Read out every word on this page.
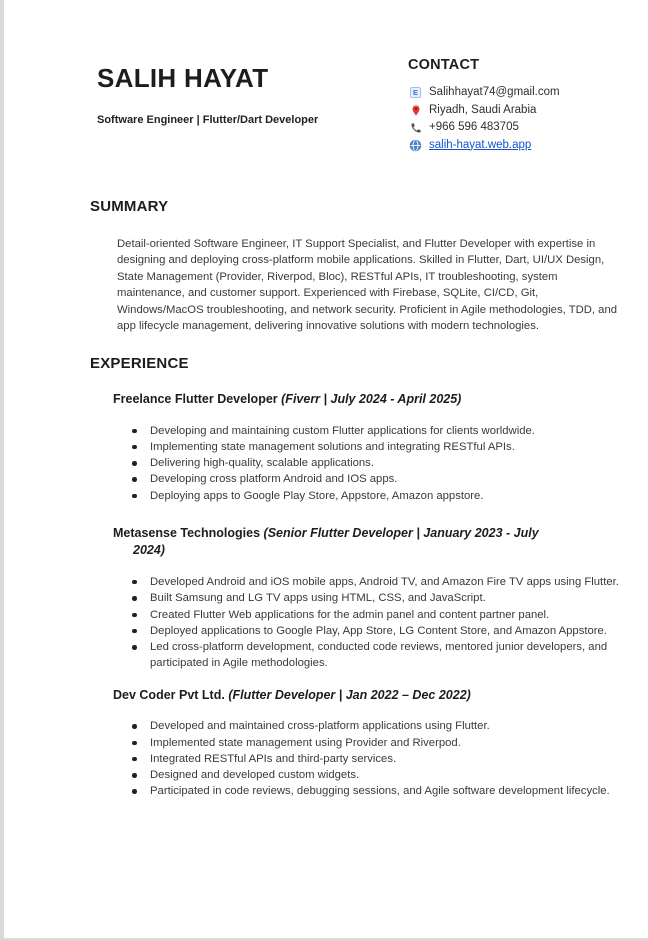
SALIH HAYAT
Software Engineer | Flutter/Dart Developer
CONTACT
E Salihhayat74@gmail.com
Riyadh, Saudi Arabia
+966 596 483705
salih-hayat.web.app
SUMMARY

Detail-oriented Software Engineer, IT Support Specialist, and Flutter Developer with expertise in designing and deploying cross-platform mobile applications. Skilled in Flutter, Dart, UI/UX Design, State Management (Provider, Riverpod, Bloc), RESTful APIs, IT troubleshooting, system maintenance, and customer support. Experienced with Firebase, SQLite, CI/CD, Git, Windows/MacOS troubleshooting, and network security. Proficient in Agile methodologies, TDD, and app lifecycle management, delivering innovative solutions with modern technologies.

EXPERIENCE
Freelance Flutter Developer (Fiverr | July 2024 - April 2025)
Developing and maintaining custom Flutter applications for clients worldwide.
Implementing state management solutions and integrating RESTful APIs.
Delivering high-quality, scalable applications.
Developing cross platform Android and IOS apps.
Deploying apps to Google Play Store, Appstore, Amazon appstore.
Metasense Technologies (Senior Flutter Developer | January 2023 - July 2024)
Developed Android and iOS mobile apps, Android TV, and Amazon Fire TV apps using Flutter.
Built Samsung and LG TV apps using HTML, CSS, and JavaScript.
Created Flutter Web applications for the admin panel and content partner panel.
Deployed applications to Google Play, App Store, LG Content Store, and Amazon Appstore.
Led cross-platform development, conducted code reviews, mentored junior developers, and participated in Agile methodologies.
Dev Coder Pvt Ltd. (Flutter Developer | Jan 2022 – Dec 2022)
Developed and maintained cross-platform applications using Flutter.
Implemented state management using Provider and Riverpod.
Integrated RESTful APIs and third-party services.
Designed and developed custom widgets.
Participated in code reviews, debugging sessions, and Agile software development lifecycle.
